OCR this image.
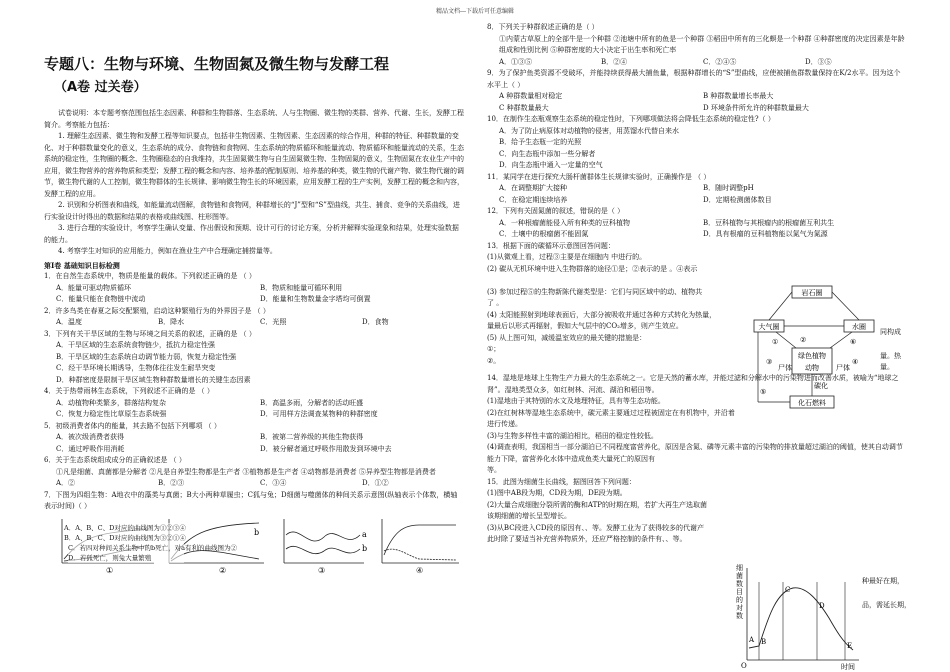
精品文档---下载后可任意编辑
专题八：生物与环境、生物固氮及微生物与发酵工程
（A卷 过关卷）

试卷说明：本专题考察范围包括生态因素、种群和生物群落、生态系统、人与生物圈、微生物的类群、营养、代谢、生长，发酵工程简介。考察能力包括：

1. 理解生态因素、微生物和发酵工程等知识要点，包括非生物因素、生物因素、生态因素的综合作用，种群的特征、种群数量的变化、对于种群数量变化的意义，生态系统的成分、食物链和食物网、生态系统的物质循环和能量流动、物质循环和能量流动的关系，生态系统的稳定性，生物圈的概念、生物圈稳态的自我维持，共生固氮微生物与自生固氮微生物、生物固氮的意义，生物固氮在农业生产中的应用，微生物营养的营养物质和类型；发酵工程的概念和内容、培养基的配制原则、培养基的种类，微生物的代谢产物、微生物代谢的调节，微生物代谢的人工控制，微生物群体的生长规律、影响微生物生长的环境因素，应用发酵工程的生产实例，发酵工程的概念和内容，发酵工程的应用。

2. 识别和分析图表和曲线，如能量流动图解，食物链和食物网，种群增长的“J”型和“S”型曲线，共生、捕食、竞争的关系曲线，进行实验设计时得出的数据和结果的表格或曲线图、柱形图等。

3. 进行合理的实验设计，考察学生确认变量、作出假设和预期、设计可行的讨论方案，分析并解释实验现象和结果，处理实验数据的能力。

4. 考察学生对知识的应用能力，例如在渔业生产中合理确定捕捞量等。

第Ⅰ卷 基础知识目标检测

1．在自然生态系统中，物质是能量的载体。下列叙述正确的是 （ ）

A．能量可驱动物质循环	B．物质和能量可循环利用
C．能量只能在食物链中流动	D．能量和生物数量金字塔均可倒置

2．许多鸟类在春夏之际交配繁殖，启动这种繁殖行为的外界因子是 （ ）

A．温度	B．降水	C．光照	D．食物

3．下列有关干旱区域的生物与环境之间关系的叙述，正确的是 （ ）

A．干旱区域的生态系统食物链少，抵抗力稳定性强
B．干旱区域的生态系统自动调节能力弱，恢复力稳定性强
C．经干旱环境长期诱导，生物体往往发生耐旱突变
D．种群密度是限制干旱区域生物种群数量增长的关键生态因素

4．关于热带雨林生态系统，下列叙述不正确的是 （ ）

A．动植物种类繁多，群落结构复杂	B．高温多雨，分解者的活动旺盛
C．恢复力稳定性比草原生态系统强	D．可用样方法调查某物种的种群密度

5．初级消费者体内的能量，其去路不包括下列哪项 （ ）

A．被次级消费者获得	B．被第二营养级的其他生物获得
C．通过呼吸作用消耗	D．被分解者通过呼吸作用散发到环境中去

6．关于生态系统组成成分的正确叙述是 （ ）

①凡是细菌、真菌都是分解者 ②凡是自养型生物都是生产者 ③植物都是生产者 ④动物都是消费者 ⑤异养型生物都是消费者
A．②	B．②③	C．③④	D．①②

7．下图为四组生物：A地衣中的藻类与真菌；B大小两种草履虫；C狐与兔；D细菌与噬菌体的种间关系示意图(纵轴表示个体数，横轴表示时间)（ ）

①
b
②
a
b
③	④

A．A、B、C、D对应的曲线图为①②③④

B．A、B、C、D对应的曲线图为③②①④

C．若四对种间关系生物中的b死亡，对a有利的曲线图为②

D．若狐死亡，则兔大量繁殖

8．下列关于种群叙述正确的是（ ）

①内蒙古草原上的全部牛是一个种群 ②池塘中所有的鱼是一个种群 ③稻田中所有的三化螟是一个种群 ④种群密度的决定因素是年龄组成和性别比例 ⑤种群密度的大小决定于出生率和死亡率
A．①③⑤	B．②④	C．②④⑤	D．③⑤

9．为了保护鱼类资源不受破坏，并能持续获得最大捕鱼量，根据种群增长的“S”型曲线，应使被捕鱼群数量保持在K/2水平。因为这个水平上（ ）

A 种群数量相对稳定	B 种群数量增长率最大
C 种群数量最大	D 环境条件所允许的种群数量最大

10．在制作生态瓶观察生态系统的稳定性时，下列哪项做法将会降低生态系统的稳定性?（ ）

A．为了防止病原体对动植物的侵害，用蒸馏水代替自来水
B．给予生态瓶一定的光照
C．向生态瓶中添加一些分解者
D．向生态瓶中通入一定量的空气

11．某同学在进行探究大肠杆菌群体生长规律实验时，正确操作是 （ ）

A．在调整期扩大接种	B．随时调整pH
C．在稳定期连续培养	D．定期检测菌体数目

12．下列有关固氮菌的叙述，错误的是（ ）

A．一种根瘤菌能侵入所有种类的豆科植物	B．豆科植物与其根瘤内的根瘤菌互利共生
C．土壤中的根瘤菌不能固氮	D．具有根瘤的豆科植物能以氮气为氮源

13．根据下面的碳循环示意图回答问题：

(1)从微观上看，过程③主要是在细胞内 中进行的。

(2) 碳从无机环境中进入生物群落的途径①是；②表示的是 。④表示

(3) 参加过程⑤的生物新陈代谢类型是：它们与同区域中的动、植物共

了 。

(4) 太阳能照射到地球表面后，大部分被吸收并通过各种方式转化为热量，

量最后以形式再辐射，假如大气层中的CO₂增多，则产生效应。

(5) 从上图可知，减缓温室效应的最关键的措施是：

①；

②。

14．湿地是地球上生物生产力最大的生态系统之一。它是天然的蓄水库，并能过滤和分解水中的污染物进而改善水质，被喻为“地球之肾”。湿地类型众多，如红树林、河流、湖泊和稻田等。

(1)湿地由于其特别的水文及地理特征，具有等生态功能。

(2)在红树林等湿地生态系统中，碳元素主要通过过程被固定在有机物中，并沿着

进行传递。

(3)与生物多样性丰富的湖泊相比，稻田的稳定性较低。

(4)调查表明，我国相当一部分湖泊已不同程度富营养化，原因是含氮、磷等元素丰富的污染物的排放量超过湖泊的阈值，使其自动调节能力下降，富营养化水体中造成鱼类大量死亡的原因有

等。

15．此图为细菌生长曲线，据图回答下列问题：

(1)图中AB段为期，CD段为期，DE段为期。

(2)大量合成细胞分裂所需的酶和ATP的时期在期，若扩大再生产选取菌

该期细菌的增长呈型增长。

(3)从BC段进入CD段的原因有、、等。发酵工业为了获得较多的代谢产

此时除了要适当补充营养物质外，还应严格控制的条件有、、等。

同构成

量。热

量。

种最好在期，

品，需延长期，

岩石圈
大气圈	水圈
绿色植物
动物
尸体	尸体
碳化
化石燃料
①	②
③	④
⑤
⑥
细菌数目的对数
A B
C
D
E
O	时间
